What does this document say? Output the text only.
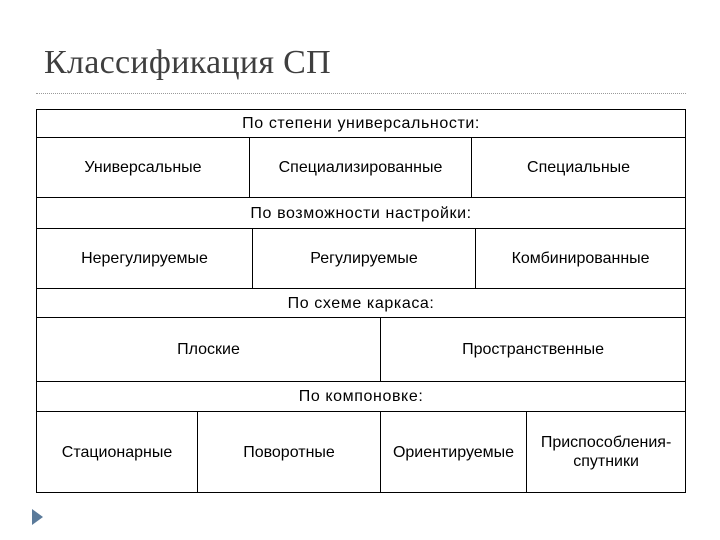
Классификация СП
По степени универсальности:							
Универсальные		Специализированные			Специальные		
По возможности настройки:							
Нерегулируемые			Регулируемые			Комбинированные	
По схеме каркаса:							
Плоские				Пространственные			
По компоновке:							
Стационарные	Поворотные			Ориентируемые			Приспособления-спутники
